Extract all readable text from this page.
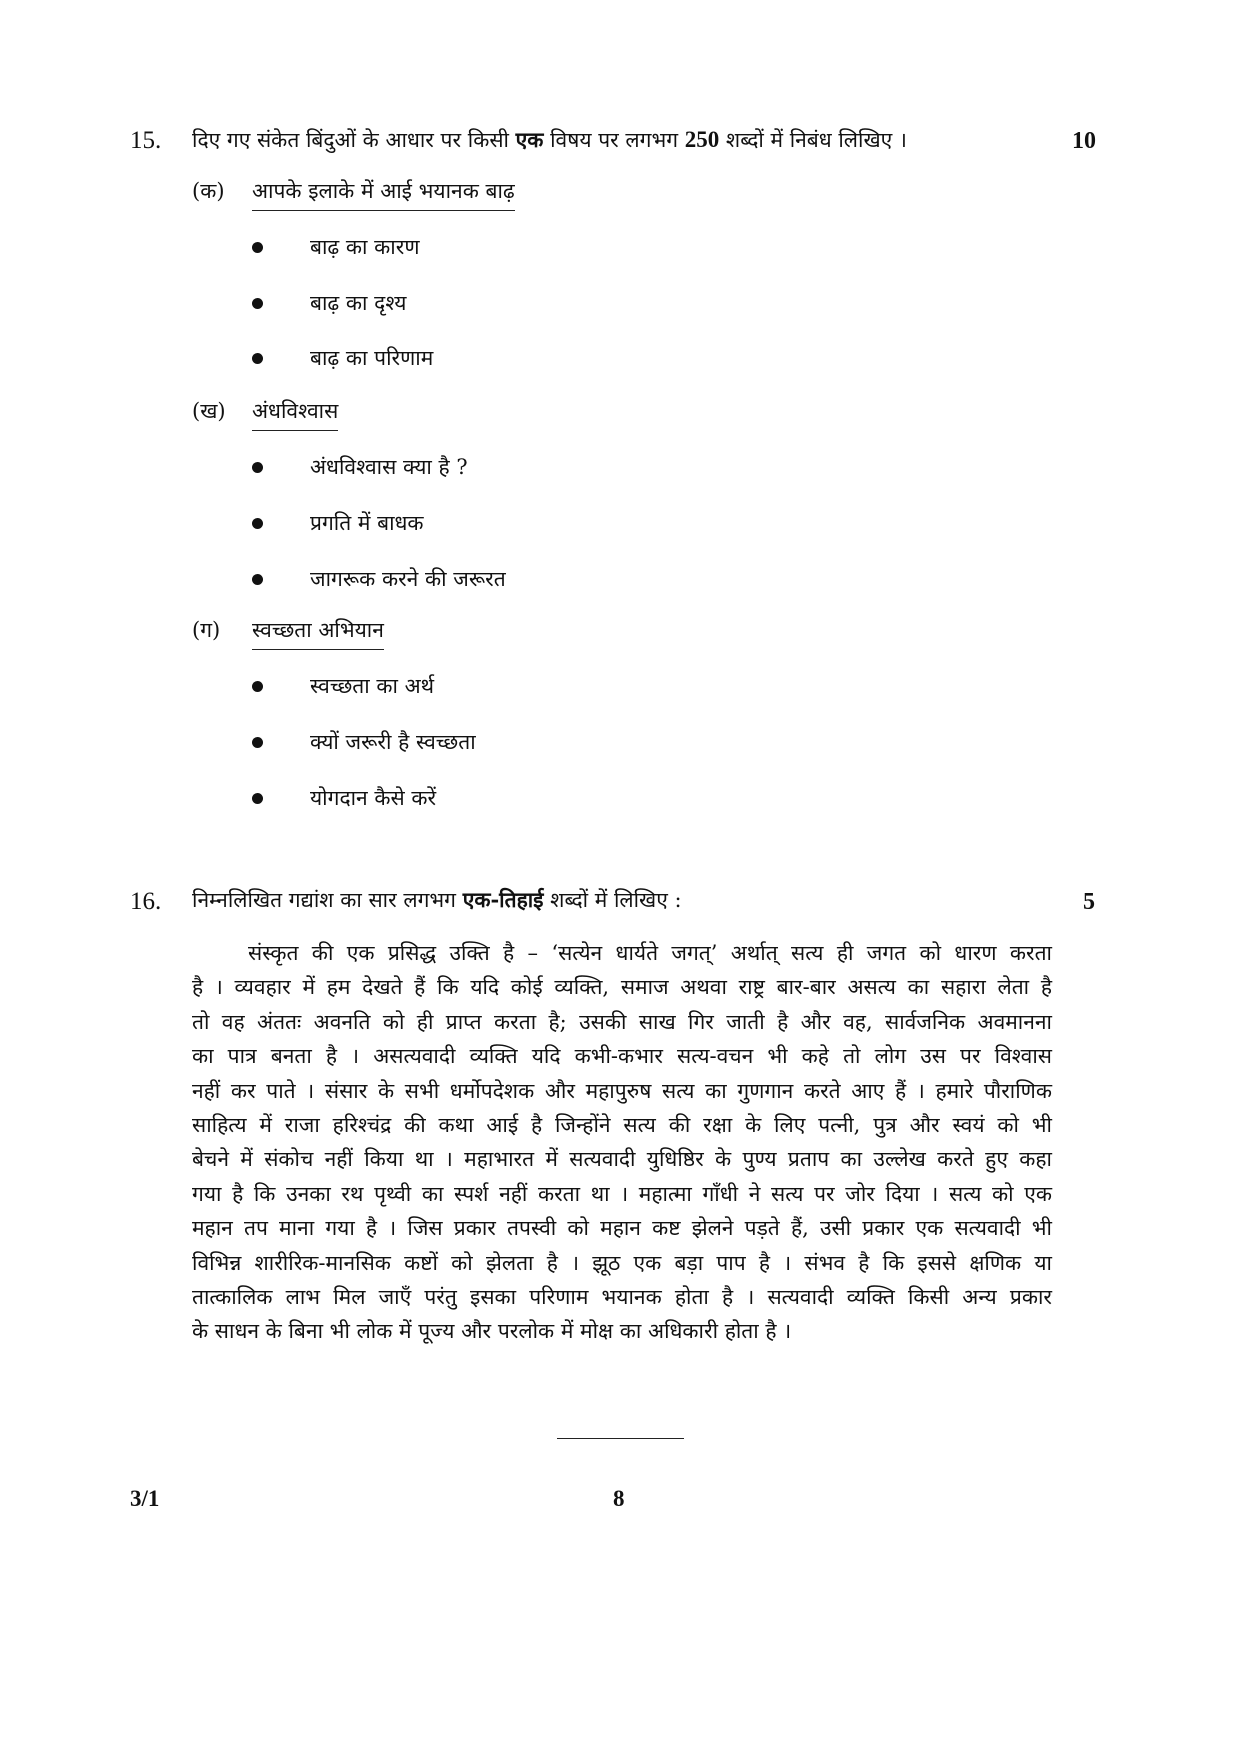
15. दिए गए संकेत बिंदुओं के आधार पर किसी एक विषय पर लगभग 250 शब्दों में निबंध लिखिए ।	10
(क) आपके इलाके में आई भयानक बाढ़
बाढ़ का कारण
बाढ़ का दृश्य
बाढ़ का परिणाम
(ख) अंधविश्वास
अंधविश्वास क्या है ?
प्रगति में बाधक
जागरूक करने की जरूरत
(ग) स्वच्छता अभियान
स्वच्छता का अर्थ
क्यों जरूरी है स्वच्छता
योगदान कैसे करें
16. निम्नलिखित गद्यांश का सार लगभग एक-तिहाई शब्दों में लिखिए :	5
संस्कृत की एक प्रसिद्ध उक्ति है – ‘सत्येन धार्यते जगत्’ अर्थात् सत्य ही जगत को धारण करता
है । व्यवहार में हम देखते हैं कि यदि कोई व्यक्ति, समाज अथवा राष्ट्र बार-बार असत्य का सहारा लेता है
तो वह अंततः अवनति को ही प्राप्त करता है; उसकी साख गिर जाती है और वह, सार्वजनिक अवमानना
का पात्र बनता है । असत्यवादी व्यक्ति यदि कभी-कभार सत्य-वचन भी कहे तो लोग उस पर विश्वास
नहीं कर पाते । संसार के सभी धर्मोपदेशक और महापुरुष सत्य का गुणगान करते आए हैं । हमारे पौराणिक
साहित्य में राजा हरिश्चंद्र की कथा आई है जिन्होंने सत्य की रक्षा के लिए पत्नी, पुत्र और स्वयं को भी
बेचने में संकोच नहीं किया था । महाभारत में सत्यवादी युधिष्ठिर के पुण्य प्रताप का उल्लेख करते हुए कहा
गया है कि उनका रथ पृथ्वी का स्पर्श नहीं करता था । महात्मा गाँधी ने सत्य पर जोर दिया । सत्य को एक
महान तप माना गया है । जिस प्रकार तपस्वी को महान कष्ट झेलने पड़ते हैं, उसी प्रकार एक सत्यवादी भी
विभिन्न शारीरिक-मानसिक कष्टों को झेलता है । झूठ एक बड़ा पाप है । संभव है कि इससे क्षणिक या
तात्कालिक लाभ मिल जाएँ परंतु इसका परिणाम भयानक होता है । सत्यवादी व्यक्ति किसी अन्य प्रकार
के साधन के बिना भी लोक में पूज्य और परलोक में मोक्ष का अधिकारी होता है ।
3/1	8
